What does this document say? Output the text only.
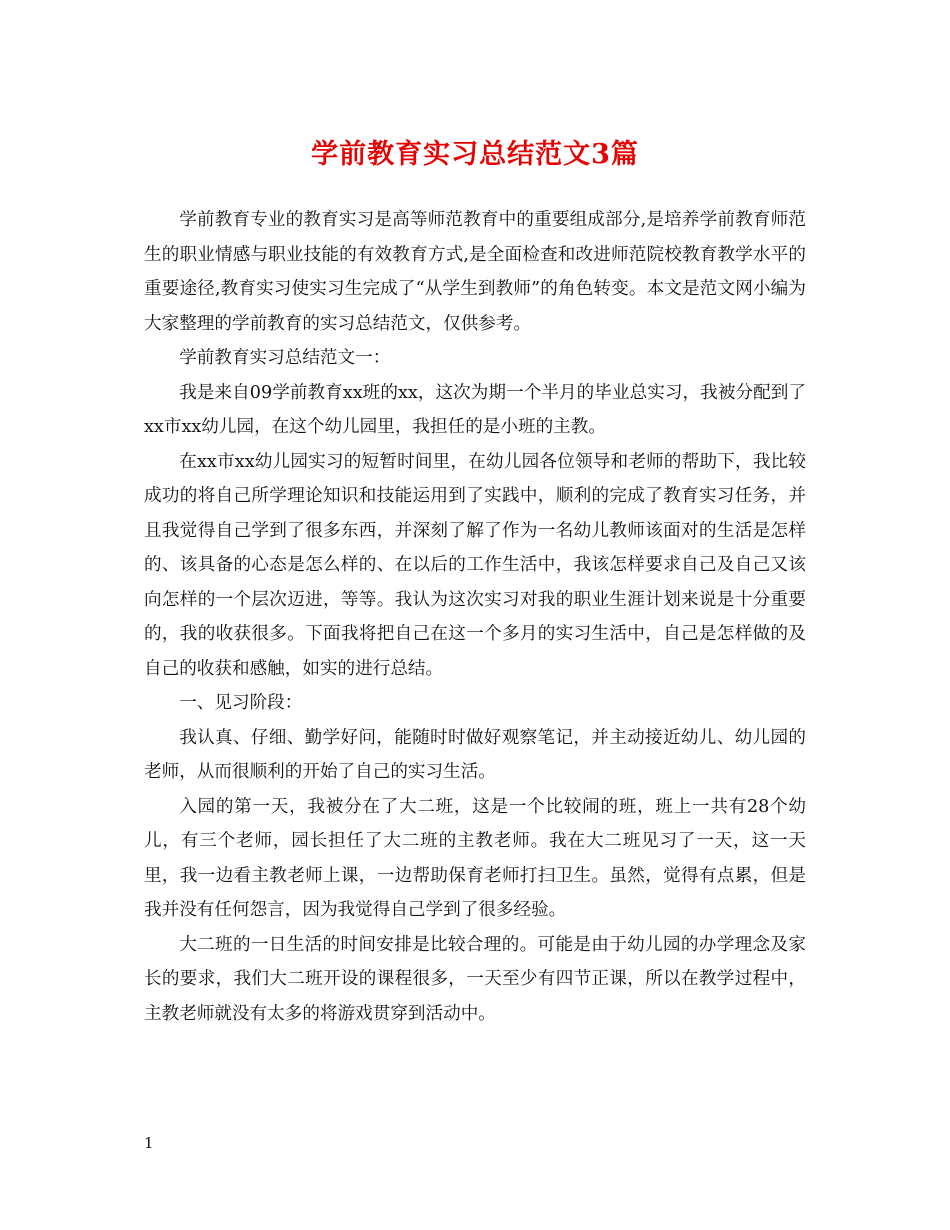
学前教育实习总结范文3篇

学前教育专业的教育实习是高等师范教育中的重要组成部分,是培养学前教育师范生的职业情感与职业技能的有效教育方式,是全面检查和改进师范院校教育教学水平的重要途径,教育实习使实习生完成了“从学生到教师”的角色转变。本文是范文网小编为大家整理的学前教育的实习总结范文，仅供参考。

学前教育实习总结范文一：

我是来自09学前教育xx班的xx，这次为期一个半月的毕业总实习，我被分配到了xx市xx幼儿园，在这个幼儿园里，我担任的是小班的主教。

在xx市xx幼儿园实习的短暂时间里，在幼儿园各位领导和老师的帮助下，我比较成功的将自己所学理论知识和技能运用到了实践中，顺利的完成了教育实习任务，并且我觉得自己学到了很多东西，并深刻了解了作为一名幼儿教师该面对的生活是怎样的、该具备的心态是怎么样的、在以后的工作生活中，我该怎样要求自己及自己又该向怎样的一个层次迈进，等等。我认为这次实习对我的职业生涯计划来说是十分重要的，我的收获很多。下面我将把自己在这一个多月的实习生活中，自己是怎样做的及自己的收获和感触，如实的进行总结。

一、见习阶段：

我认真、仔细、勤学好问，能随时时做好观察笔记，并主动接近幼儿、幼儿园的老师，从而很顺利的开始了自己的实习生活。

入园的第一天，我被分在了大二班，这是一个比较闹的班，班上一共有28个幼儿，有三个老师，园长担任了大二班的主教老师。我在大二班见习了一天，这一天里，我一边看主教老师上课，一边帮助保育老师打扫卫生。虽然，觉得有点累，但是我并没有任何怨言，因为我觉得自己学到了很多经验。

大二班的一日生活的时间安排是比较合理的。可能是由于幼儿园的办学理念及家长的要求，我们大二班开设的课程很多，一天至少有四节正课，所以在教学过程中，主教老师就没有太多的将游戏贯穿到活动中。

1
